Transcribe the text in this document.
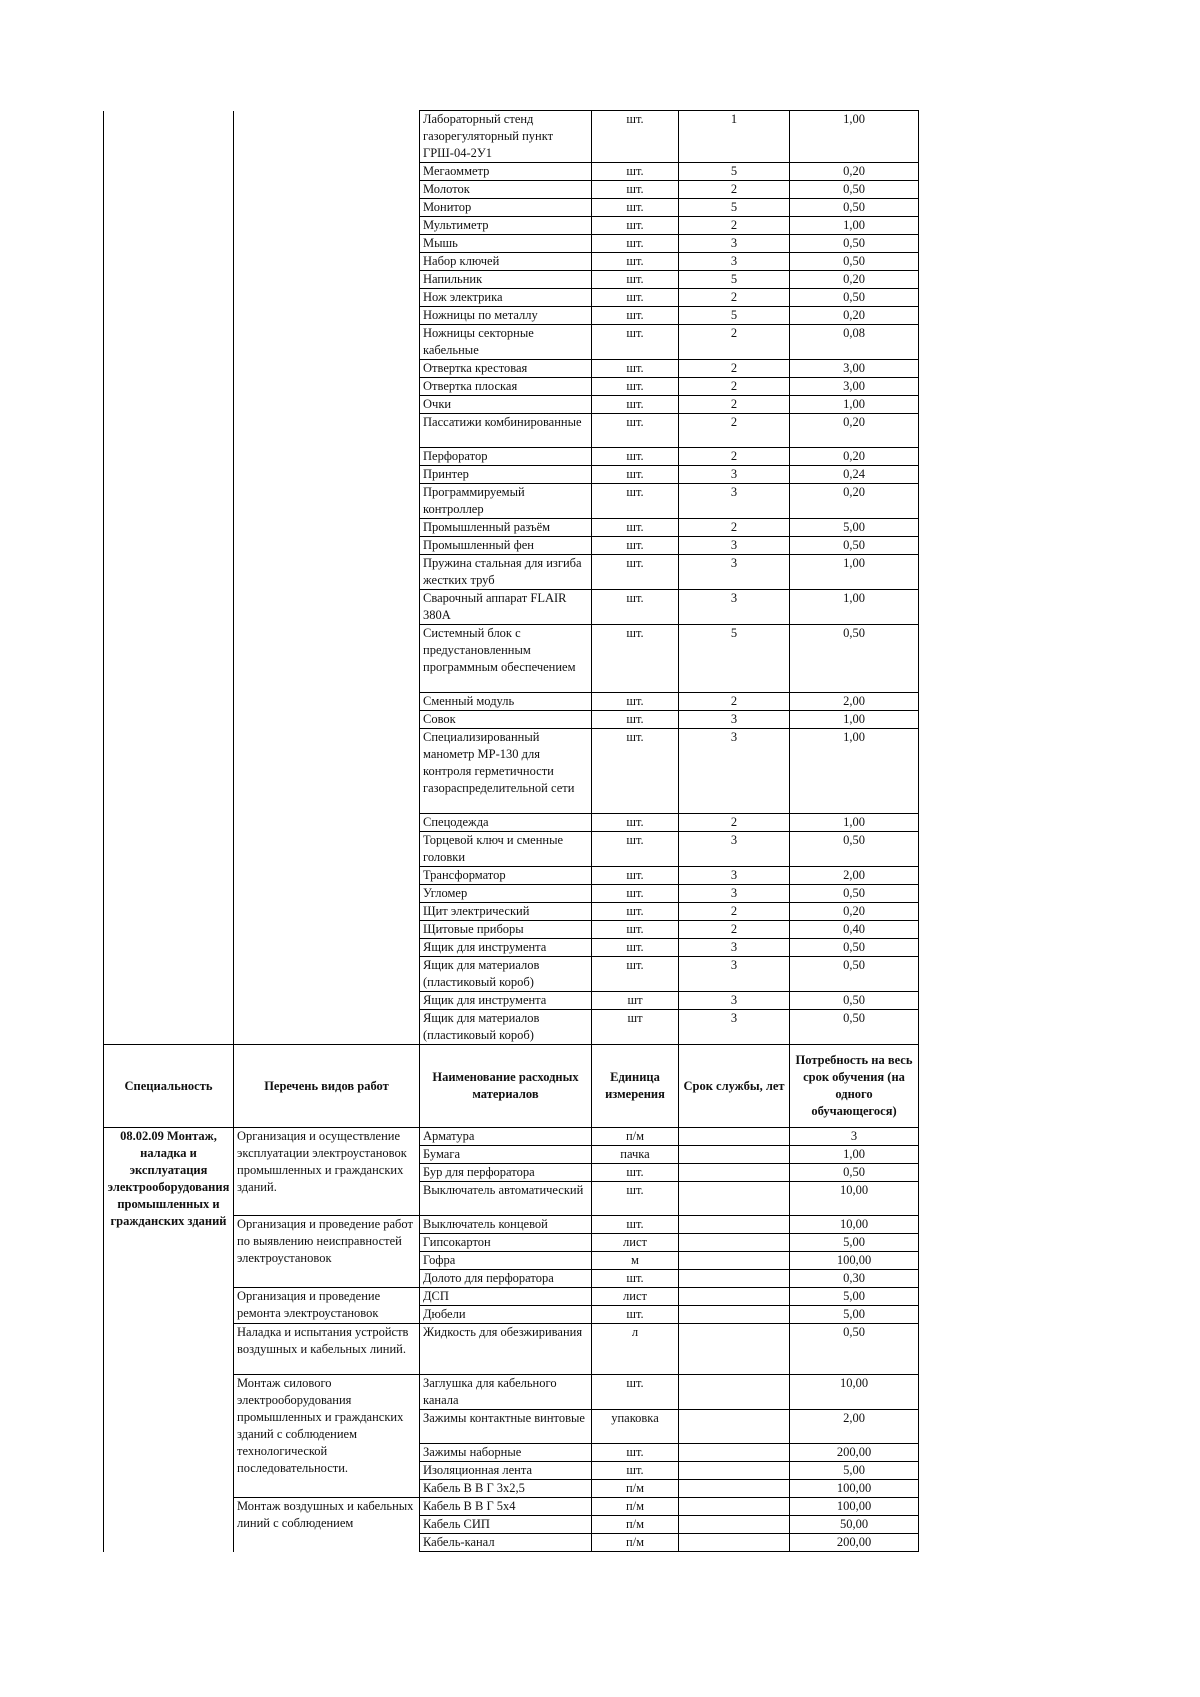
		Лабораторный стенд газорегуляторный пункт ГРШ-04-2У1	шт.	1	1,00
		Мегаомметр	шт.	5	0,20
		Молоток	шт.	2	0,50
		Монитор	шт.	5	0,50
		Мультиметр	шт.	2	1,00
		Мышь	шт.	3	0,50
		Набор ключей	шт.	3	0,50
		Напильник	шт.	5	0,20
		Нож электрика	шт.	2	0,50
		Ножницы по металлу	шт.	5	0,20
		Ножницы секторные кабельные	шт.	2	0,08
		Отвертка крестовая	шт.	2	3,00
		Отвертка плоская	шт.	2	3,00
		Очки	шт.	2	1,00
		Пассатижи комбинированные	шт.	2	0,20
		Перфоратор	шт.	2	0,20
		Принтер	шт.	3	0,24
		Программируемый контроллер	шт.	3	0,20
		Промышленный разъём	шт.	2	5,00
		Промышленный фен	шт.	3	0,50
		Пружина стальная для изгиба жестких труб	шт.	3	1,00
		Сварочный аппарат FLAIR 380A	шт.	3	1,00
		Системный блок с предустановленным программным обеспечением	шт.	5	0,50
		Сменный модуль	шт.	2	2,00
		Совок	шт.	3	1,00
		Специализированный манометр МР-130 для контроля герметичности газораспределительной сети	шт.	3	1,00
		Спецодежда	шт.	2	1,00
		Торцевой ключ и сменные головки	шт.	3	0,50
		Трансформатор	шт.	3	2,00
		Угломер	шт.	3	0,50
		Щит электрический	шт.	2	0,20
		Щитовые приборы	шт.	2	0,40
		Ящик для инструмента	шт.	3	0,50
		Ящик для материалов (пластиковый короб)	шт.	3	0,50
		Ящик для инструмента	шт	3	0,50
		Ящик для материалов (пластиковый короб)	шт	3	0,50
Специальность	Перечень видов работ	Наименование расходных материалов	Единица измерения	Срок службы, лет	Потребность на весь срок обучения (на одного обучающегося)
08.02.09 Монтаж, наладка и эксплуатация электрооборудования промышленных и гражданских зданий	Организация и осуществление эксплуатации электроустановок промышленных и гражданских зданий.	Арматура	п/м		3
		Бумага	пачка		1,00
		Бур для перфоратора	шт.		0,50
		Выключатель автоматический	шт.		10,00
	Организация и проведение работ по выявлению неисправностей электроустановок	Выключатель концевой	шт.		10,00
		Гипсокартон	лист		5,00
		Гофра	м		100,00
		Долото для перфоратора	шт.		0,30
	Организация и проведение ремонта электроустановок	ДСП	лист		5,00
		Дюбели	шт.		5,00
	Наладка и испытания устройств воздушных и кабельных линий.	Жидкость для обезжиривания	л		0,50
	Монтаж силового электрооборудования промышленных и гражданских зданий с соблюдением технологической последовательности.	Заглушка для кабельного канала	шт.		10,00
		Зажимы контактные винтовые	упаковка		2,00
		Зажимы наборные	шт.		200,00
		Изоляционная лента	шт.		5,00
		Кабель В В Г 3х2,5	п/м		100,00
	Монтаж воздушных и кабельных линий с соблюдением	Кабель В В Г 5х4	п/м		100,00
		Кабель СИП	п/м		50,00
		Кабель-канал	п/м		200,00
